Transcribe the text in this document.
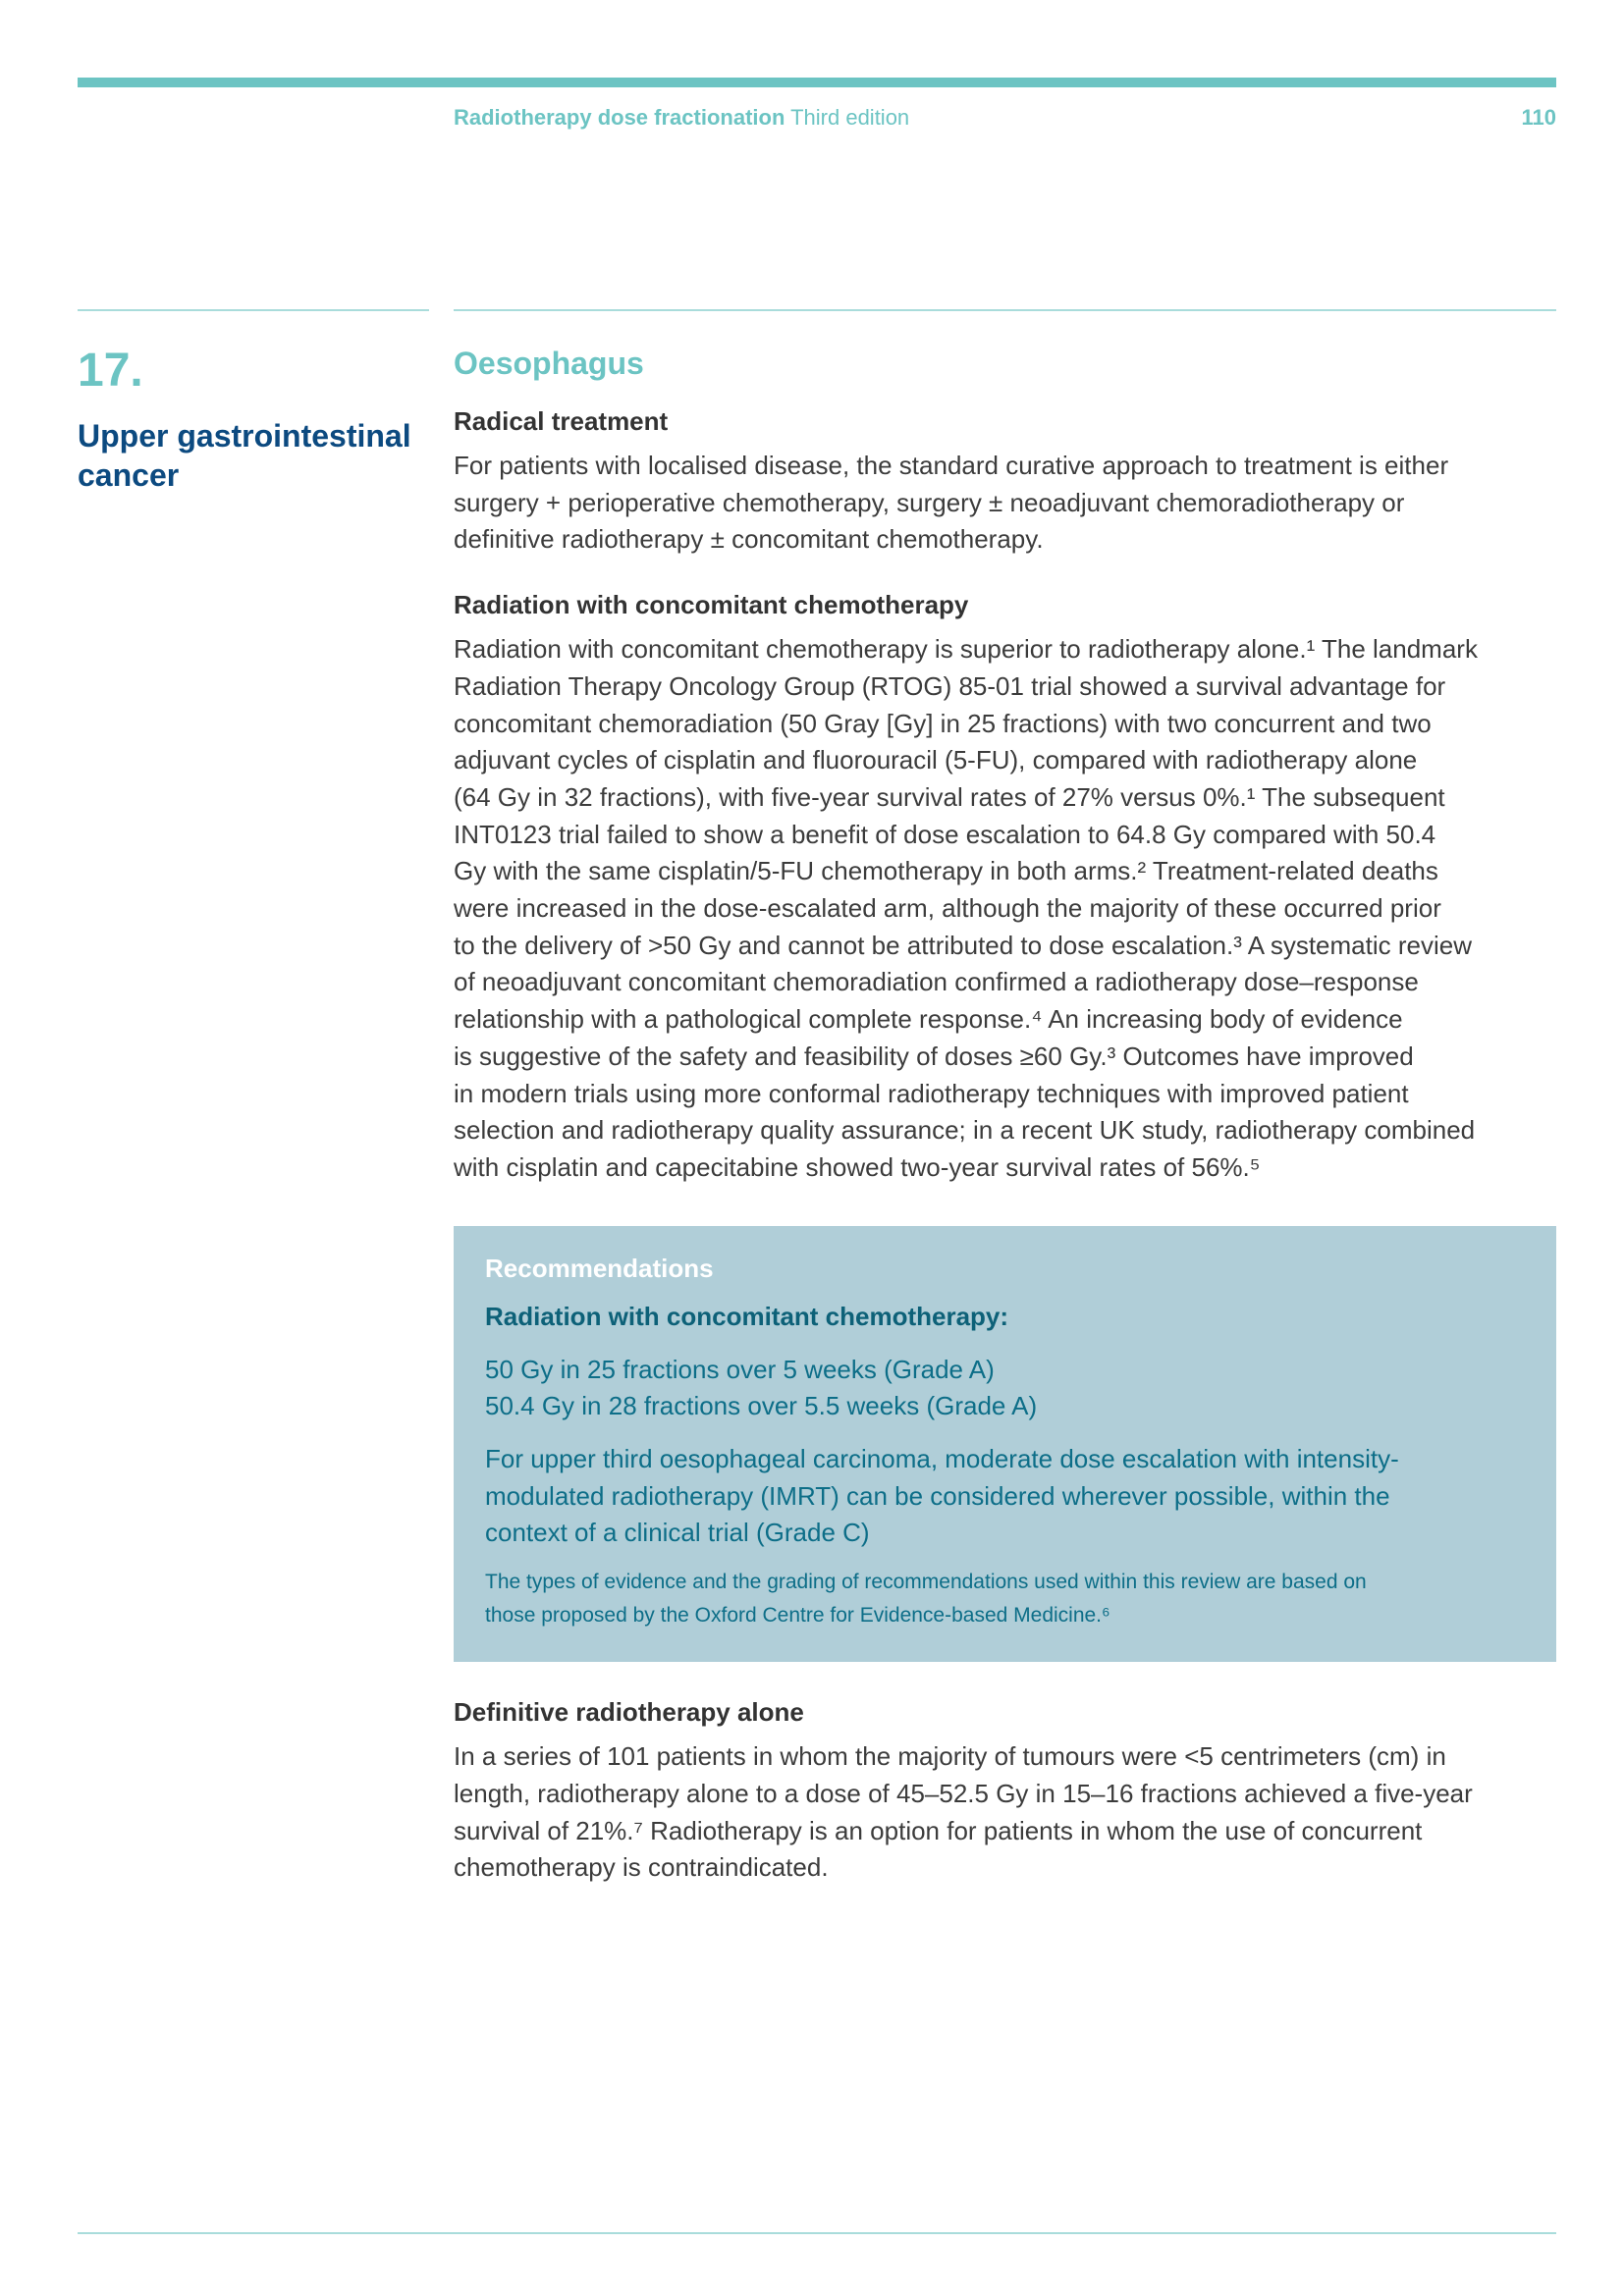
Radiotherapy dose fractionation Third edition	110
17.
Upper gastrointestinal cancer
Oesophagus
Radical treatment

For patients with localised disease, the standard curative approach to treatment is either
surgery + perioperative chemotherapy, surgery ± neoadjuvant chemoradiotherapy or
definitive radiotherapy ± concomitant chemotherapy.

Radiation with concomitant chemotherapy

Radiation with concomitant chemotherapy is superior to radiotherapy alone.¹ The landmark
Radiation Therapy Oncology Group (RTOG) 85-01 trial showed a survival advantage for
concomitant chemoradiation (50 Gray [Gy] in 25 fractions) with two concurrent and two
adjuvant cycles of cisplatin and fluorouracil (5-FU), compared with radiotherapy alone
(64 Gy in 32 fractions), with five-year survival rates of 27% versus 0%.¹ The subsequent
INT0123 trial failed to show a benefit of dose escalation to 64.8 Gy compared with 50.4
Gy with the same cisplatin/5-FU chemotherapy in both arms.² Treatment-related deaths
were increased in the dose-escalated arm, although the majority of these occurred prior
to the delivery of >50 Gy and cannot be attributed to dose escalation.³ A systematic review
of neoadjuvant concomitant chemoradiation confirmed a radiotherapy dose–response
relationship with a pathological complete response.⁴ An increasing body of evidence
is suggestive of the safety and feasibility of doses ≥60 Gy.³ Outcomes have improved
in modern trials using more conformal radiotherapy techniques with improved patient
selection and radiotherapy quality assurance; in a recent UK study, radiotherapy combined
with cisplatin and capecitabine showed two-year survival rates of 56%.⁵

Recommendations

Radiation with concomitant chemotherapy:

50 Gy in 25 fractions over 5 weeks (Grade A)

50.4 Gy in 28 fractions over 5.5 weeks (Grade A)

For upper third oesophageal carcinoma, moderate dose escalation with intensity-
modulated radiotherapy (IMRT) can be considered wherever possible, within the
context of a clinical trial (Grade C)

The types of evidence and the grading of recommendations used within this review are based on
those proposed by the Oxford Centre for Evidence-based Medicine.⁶

Definitive radiotherapy alone

In a series of 101 patients in whom the majority of tumours were <5 centrimeters (cm) in
length, radiotherapy alone to a dose of 45–52.5 Gy in 15–16 fractions achieved a five-year
survival of 21%.⁷ Radiotherapy is an option for patients in whom the use of concurrent
chemotherapy is contraindicated.
